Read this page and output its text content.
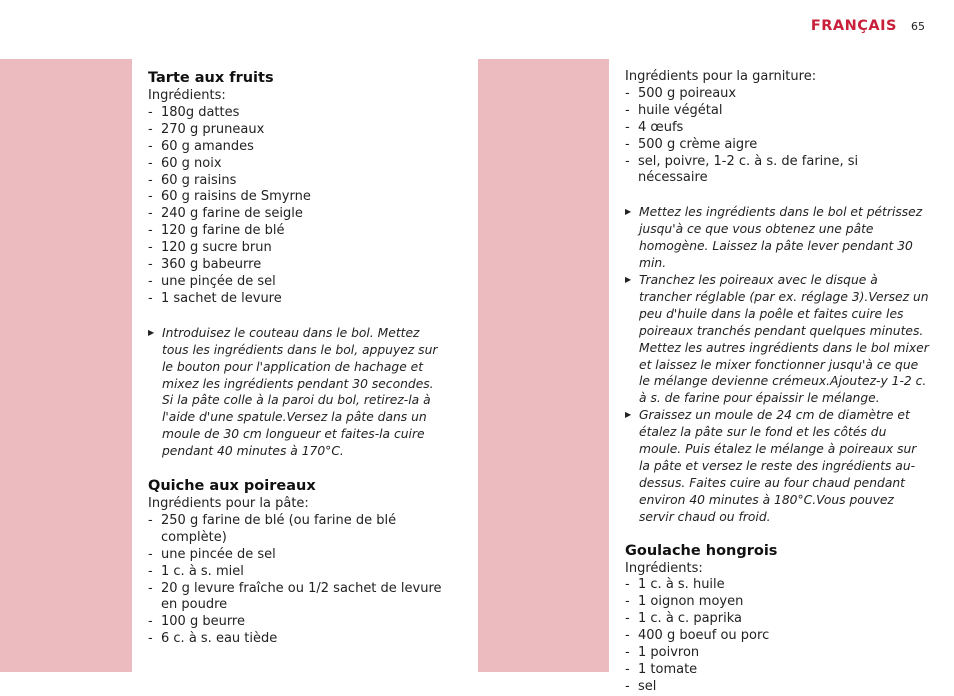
FRANÇAIS 65
Tarte aux fruits
Ingrédients:
- 180g dattes
- 270 g pruneaux
- 60 g amandes
- 60 g noix
- 60 g raisins
- 60 g raisins de Smyrne
- 240 g farine de seigle
- 120 g farine de blé
- 120 g sucre brun
- 360 g babeurre
- une pinçée de sel
- 1 sachet de levure
▶ Introduisez le couteau dans le bol. Mettez tous les ingrédients dans le bol, appuyez sur le bouton pour l'application de hachage et mixez les ingrédients pendant 30 secondes. Si la pâte colle à la paroi du bol, retirez-la à l'aide d'une spatule.Versez la pâte dans un moule de 30 cm longueur et faites-la cuire pendant 40 minutes à 170°C.
Quiche aux poireaux
Ingrédients pour la pâte:
- 250 g farine de blé (ou farine de blé complète)
- une pincée de sel
- 1 c. à s. miel
- 20 g levure fraîche ou 1/2 sachet de levure en poudre
- 100 g beurre
- 6 c. à s. eau tiède
Ingrédients pour la garniture:
- 500 g poireaux
- huile végétal
- 4 œufs
- 500 g crème aigre
- sel, poivre, 1-2 c. à s. de farine, si nécessaire
▶ Mettez les ingrédients dans le bol et pétrissez jusqu'à ce que vous obtenez une pâte homogène. Laissez la pâte lever pendant 30 min.
▶ Tranchez les poireaux avec le disque à trancher réglable (par ex. réglage 3).Versez un peu d'huile dans la poêle et faites cuire les poireaux tranchés pendant quelques minutes. Mettez les autres ingrédients dans le bol mixer et laissez le mixer fonctionner jusqu'à ce que le mélange devienne crémeux.Ajoutez-y 1-2 c. à s. de farine pour épaissir le mélange.
▶ Graissez un moule de 24 cm de diamètre et étalez la pâte sur le fond et les côtés du moule. Puis étalez le mélange à poireaux sur la pâte et versez le reste des ingrédients au-dessus. Faites cuire au four chaud pendant environ 40 minutes à 180°C.Vous pouvez servir chaud ou froid.
Goulache hongrois
Ingrédients:
- 1 c. à s. huile
- 1 oignon moyen
- 1 c. à c. paprika
- 400 g boeuf ou porc
- 1 poivron
- 1 tomate
- sel
